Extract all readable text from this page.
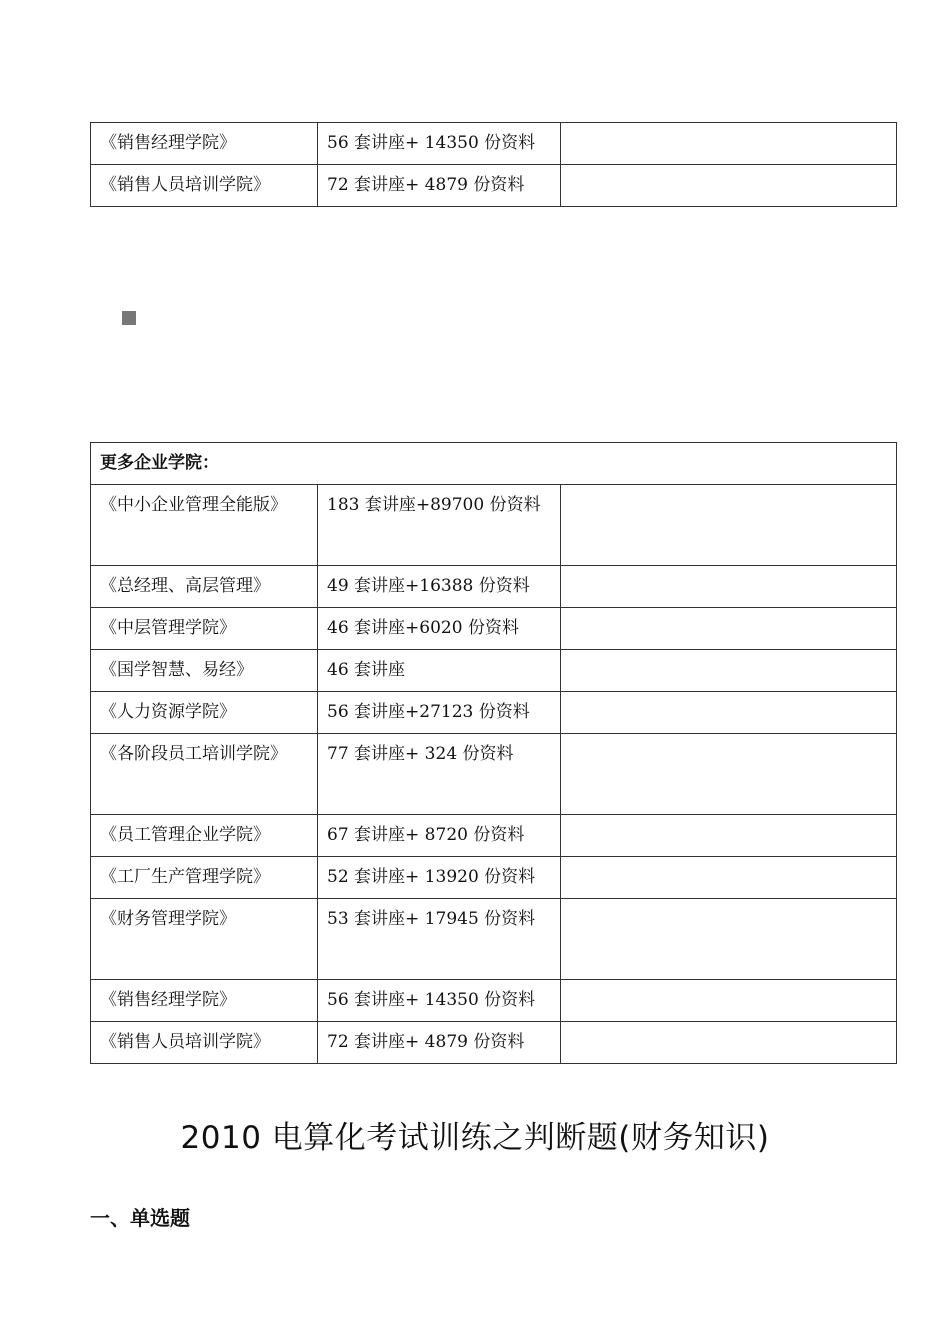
《销售经理学院》	56 套讲座+ 14350 份资料	
《销售人员培训学院》	72 套讲座+ 4879 份资料	
更多企业学院：		
《中小企业管理全能版》	183 套讲座+89700 份资料	
《总经理、高层管理》	49 套讲座+16388 份资料	
《中层管理学院》	46 套讲座+6020 份资料	
《国学智慧、易经》	46 套讲座	
《人力资源学院》	56 套讲座+27123 份资料	
《各阶段员工培训学院》	77 套讲座+ 324 份资料	
《员工管理企业学院》	67 套讲座+ 8720 份资料	
《工厂生产管理学院》	52 套讲座+ 13920 份资料	
《财务管理学院》	53 套讲座+ 17945 份资料	
《销售经理学院》	56 套讲座+ 14350 份资料	
《销售人员培训学院》	72 套讲座+ 4879 份资料	
2010 电算化考试训练之判断题(财务知识)
一、单选题
